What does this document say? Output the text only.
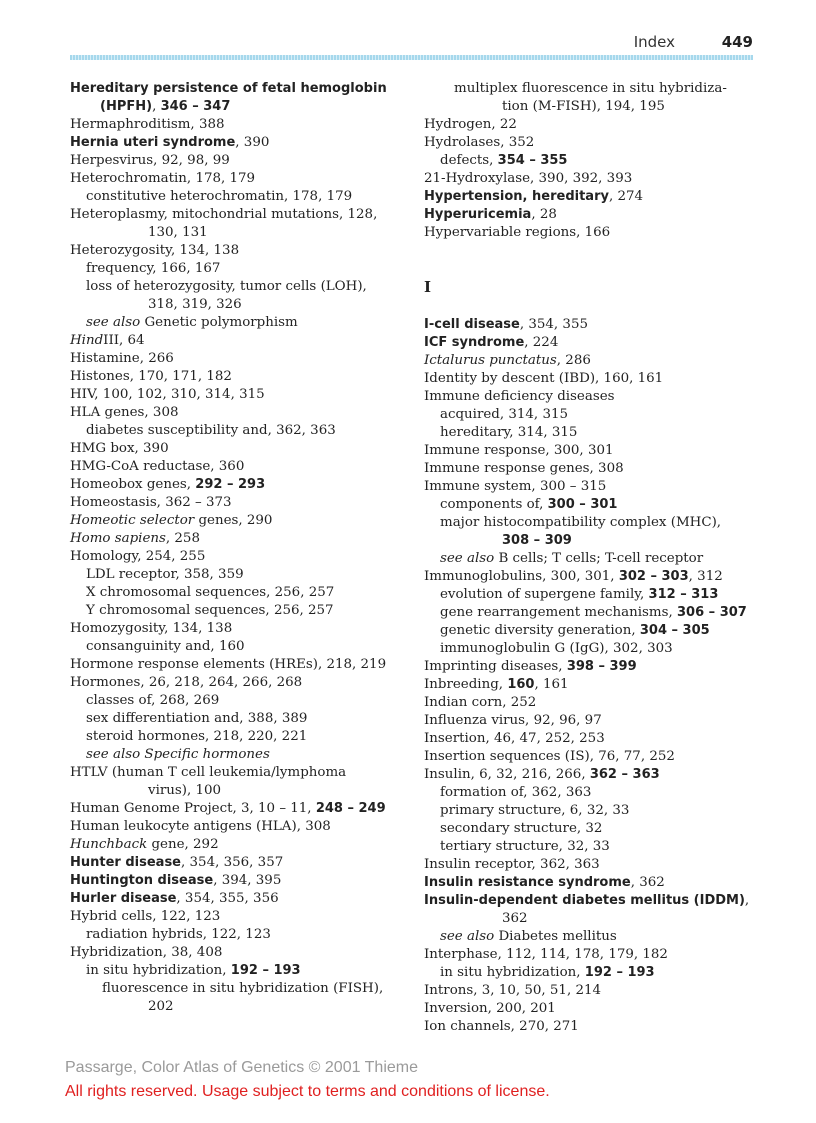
Index	449
Hereditary persistence of fetal hemoglobin
(HPFH), 346 – 347
Hermaphroditism, 388
Hernia uteri syndrome, 390
Herpesvirus, 92, 98, 99
Heterochromatin, 178, 179
constitutive heterochromatin, 178, 179
Heteroplasmy, mitochondrial mutations, 128,
130, 131
Heterozygosity, 134, 138
frequency, 166, 167
loss of heterozygosity, tumor cells (LOH),
318, 319, 326
see also Genetic polymorphism
HindIII, 64
Histamine, 266
Histones, 170, 171, 182
HIV, 100, 102, 310, 314, 315
HLA genes, 308
diabetes susceptibility and, 362, 363
HMG box, 390
HMG-CoA reductase, 360
Homeobox genes, 292 – 293
Homeostasis, 362 – 373
Homeotic selector genes, 290
Homo sapiens, 258
Homology, 254, 255
LDL receptor, 358, 359
X chromosomal sequences, 256, 257
Y chromosomal sequences, 256, 257
Homozygosity, 134, 138
consanguinity and, 160
Hormone response elements (HREs), 218, 219
Hormones, 26, 218, 264, 266, 268
classes of, 268, 269
sex differentiation and, 388, 389
steroid hormones, 218, 220, 221
see also Specific hormones
HTLV (human T cell leukemia/lymphoma
virus), 100
Human Genome Project, 3, 10 – 11, 248 – 249
Human leukocyte antigens (HLA), 308
Hunchback gene, 292
Hunter disease, 354, 356, 357
Huntington disease, 394, 395
Hurler disease, 354, 355, 356
Hybrid cells, 122, 123
radiation hybrids, 122, 123
Hybridization, 38, 408
in situ hybridization, 192 – 193
fluorescence in situ hybridization (FISH),
202
multiplex fluorescence in situ hybridiza-
tion (M-FISH), 194, 195
Hydrogen, 22
Hydrolases, 352
defects, 354 – 355
21-Hydroxylase, 390, 392, 393
Hypertension, hereditary, 274
Hyperuricemia, 28
Hypervariable regions, 166
I
I-cell disease, 354, 355
ICF syndrome, 224
Ictalurus punctatus, 286
Identity by descent (IBD), 160, 161
Immune deficiency diseases
acquired, 314, 315
hereditary, 314, 315
Immune response, 300, 301
Immune response genes, 308
Immune system, 300 – 315
components of, 300 – 301
major histocompatibility complex (MHC),
308 – 309
see also B cells; T cells; T-cell receptor
Immunoglobulins, 300, 301, 302 – 303, 312
evolution of supergene family, 312 – 313
gene rearrangement mechanisms, 306 – 307
genetic diversity generation, 304 – 305
immunoglobulin G (IgG), 302, 303
Imprinting diseases, 398 – 399
Inbreeding, 160, 161
Indian corn, 252
Influenza virus, 92, 96, 97
Insertion, 46, 47, 252, 253
Insertion sequences (IS), 76, 77, 252
Insulin, 6, 32, 216, 266, 362 – 363
formation of, 362, 363
primary structure, 6, 32, 33
secondary structure, 32
tertiary structure, 32, 33
Insulin receptor, 362, 363
Insulin resistance syndrome, 362
Insulin-dependent diabetes mellitus (IDDM),
362
see also Diabetes mellitus
Interphase, 112, 114, 178, 179, 182
in situ hybridization, 192 – 193
Introns, 3, 10, 50, 51, 214
Inversion, 200, 201
Ion channels, 270, 271
Passarge, Color Atlas of Genetics © 2001 Thieme
All rights reserved. Usage subject to terms and conditions of license.
